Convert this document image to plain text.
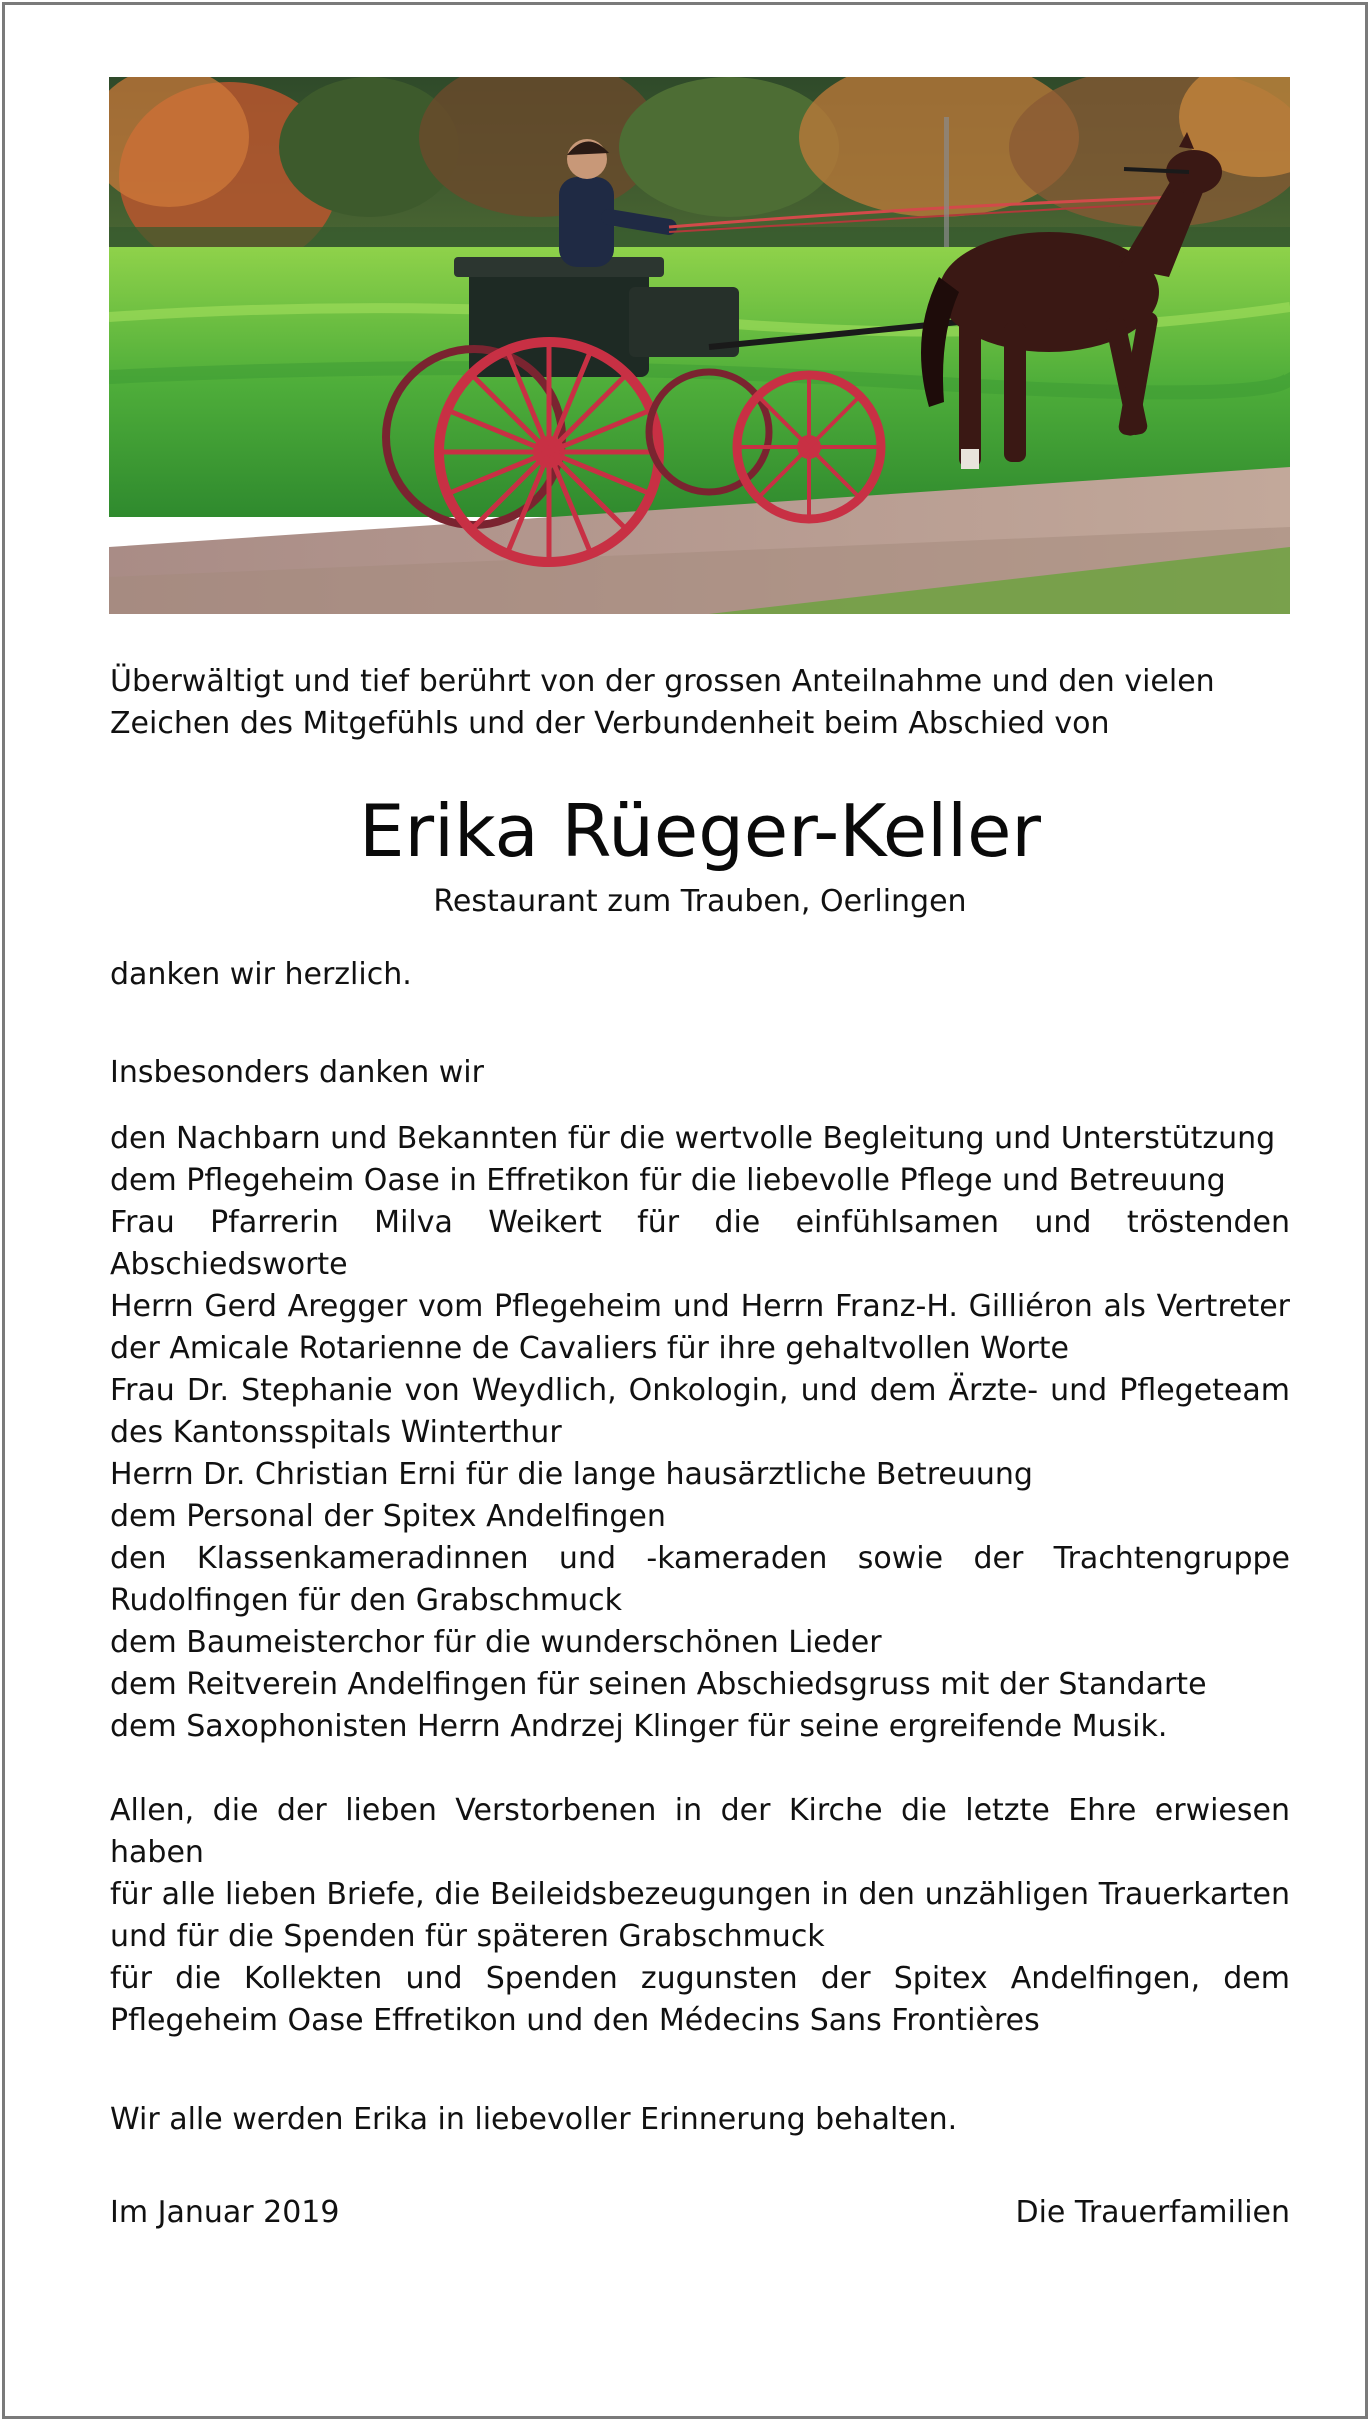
Überwältigt und tief berührt von der grossen Anteilnahme und den vielen Zeichen des Mitgefühls und der Verbundenheit beim Abschied von

Erika Rüeger-Keller

Restaurant zum Trauben, Oerlingen

danken wir herzlich.

Insbesonders danken wir

den Nachbarn und Bekannten für die wertvolle Begleitung und Unterstützung
dem Pflegeheim Oase in Effretikon für die liebevolle Pflege und Betreuung
Frau Pfarrerin Milva Weikert für die einfühlsamen und tröstenden Abschiedsworte
Herrn Gerd Aregger vom Pflegeheim und Herrn Franz-H. Gilliéron als Vertreter der Amicale Rotarienne de Cavaliers für ihre gehaltvollen Worte
Frau Dr. Stephanie von Weydlich, Onkologin, und dem Ärzte- und Pflegeteam des Kantonsspitals Winterthur
Herrn Dr. Christian Erni für die lange hausärztliche Betreuung
dem Personal der Spitex Andelfingen
den Klassenkameradinnen und -kameraden sowie der Trachtengruppe Rudolfingen für den Grabschmuck
dem Baumeisterchor für die wunderschönen Lieder
dem Reitverein Andelfingen für seinen Abschiedsgruss mit der Standarte
dem Saxophonisten Herrn Andrzej Klinger für seine ergreifende Musik.
Allen, die der lieben Verstorbenen in der Kirche die letzte Ehre erwiesen haben
für alle lieben Briefe, die Beileidsbezeugungen in den unzähligen Trauerkarten und für die Spenden für späteren Grabschmuck
für die Kollekten und Spenden zugunsten der Spitex Andelfingen, dem Pflegeheim Oase Effretikon und den Médecins Sans Frontières

Wir alle werden Erika in liebevoller Erinnerung behalten.

Im Januar 2019	Die Trauerfamilien
